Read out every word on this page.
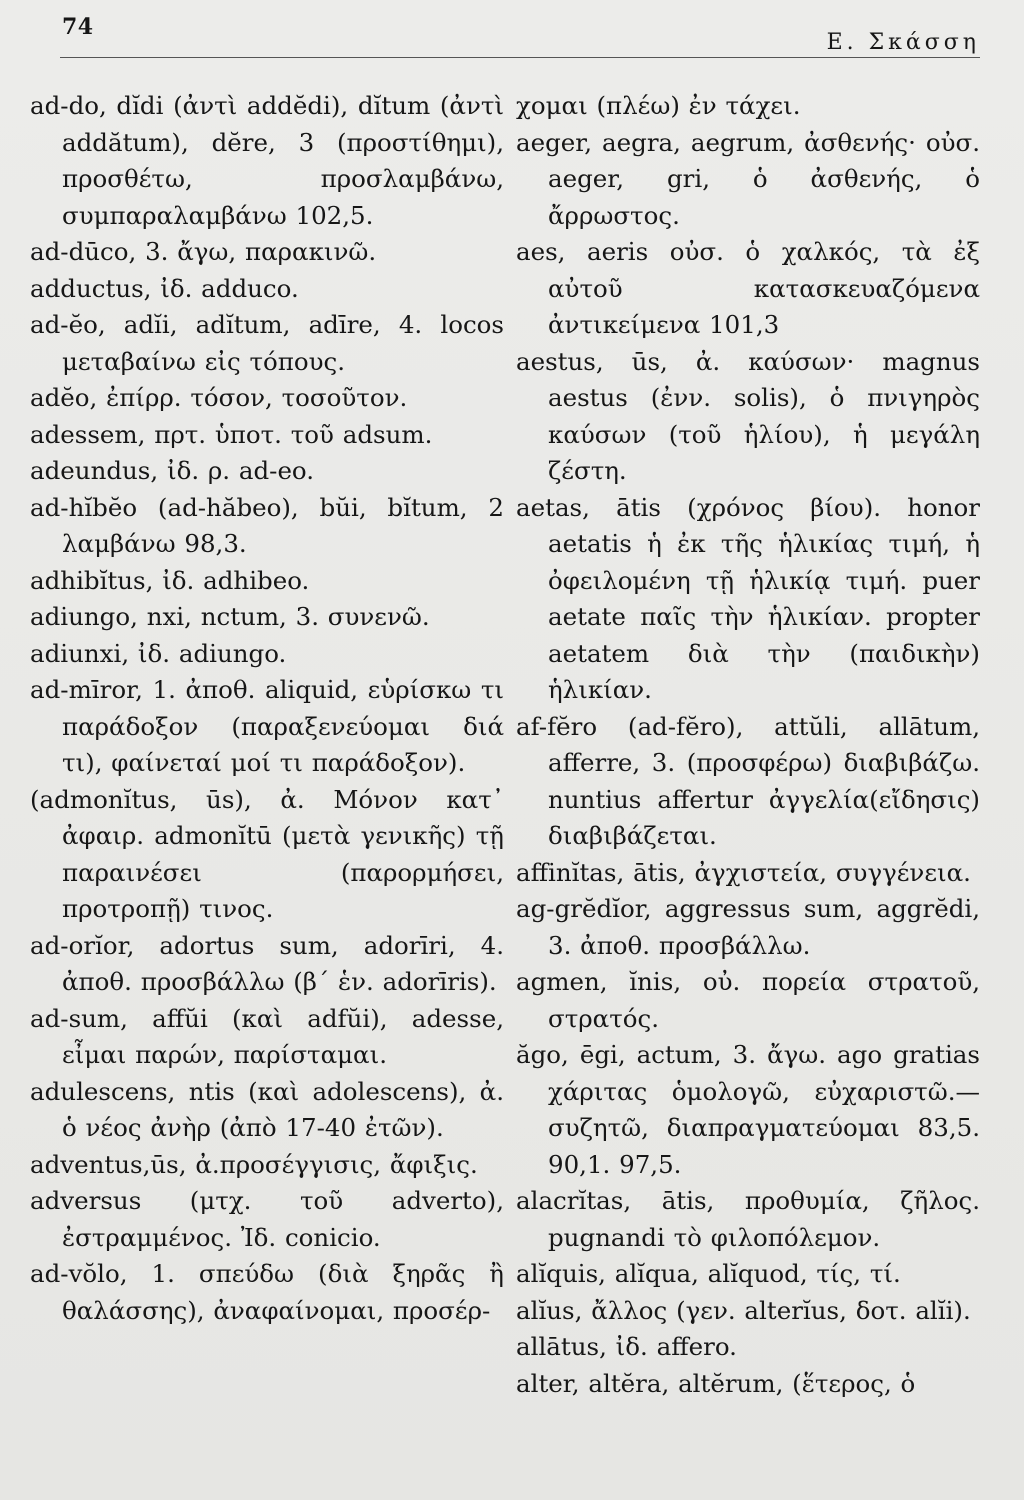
74
Ε. Σκάσση

ad-do, dĭdi (ἀντὶ addĕdi), dĭtum (ἀντὶ addătum), dĕre, 3 (προστίθημι), προσθέτω, προσλαμβάνω, συμπαραλαμβάνω 102,5.

ad-dūco, 3. ἄγω, παρακινῶ.

adductus, ἰδ. adduco.

ad-ĕo, adĭi, adĭtum, adīre, 4. locos μεταβαίνω εἰς τόπους.

adĕo, ἐπίρρ. τόσον, τοσοῦτον.

adessem, πρτ. ὑποτ. τοῦ adsum.

adeundus, ἰδ. ρ. ad-eo.

ad-hĭbĕo (ad-hăbeo), bŭi, bĭtum, 2 λαμβάνω 98,3.

adhibĭtus, ἰδ. adhibeo.

adiungo, nxi, nctum, 3. συνενῶ.

adiunxi, ἰδ. adiungo.

ad-mīror, 1. ἀποθ. aliquid, εὑρίσκω τι παράδοξον (παραξενεύομαι διά τι), φαίνεταί μοί τι παράδοξον).

(admonĭtus, ūs), ἀ. Μόνον κατ᾽ ἀφαιρ. admonĭtū (μετὰ γενικῆς) τῇ παραινέσει (παρορμήσει, προτροπῇ) τινος.

ad-orĭor, adortus sum, adorīri, 4. ἀποθ. προσβάλλω (β΄ ἑν. adorīris).

ad-sum, affŭi (καὶ adfŭi), adesse, εἶμαι παρών, παρίσταμαι.

adulescens, ntis (καὶ adolescens), ἀ. ὁ νέος ἀνὴρ (ἀπὸ 17-40 ἐτῶν).

adventus,ūs, ἀ.προσέγγισις, ἄφιξις.

adversus (μτχ. τοῦ adverto), ἐστραμμένος. Ἰδ. conicio.

ad-vŏlo, 1. σπεύδω (διὰ ξηρᾶς ἢ θαλάσσης), ἀναφαίνομαι, προσέρ-

χομαι (πλέω) ἐν τάχει.

aeger, aegra, aegrum, ἀσθενής· οὐσ. aeger, gri, ὁ ἀσθενής, ὁ ἄρρωστος.

aes, aeris οὐσ. ὁ χαλκός, τὰ ἐξ αὐτοῦ κατασκευαζόμενα ἀντικείμενα 101,3

aestus, ūs, ἀ. καύσων· magnus aestus (ἐνν. solis), ὁ πνιγηρὸς καύσων (τοῦ ἡλίου), ἡ μεγάλη ζέστη.

aetas, ātis (χρόνος βίου). honor aetatis ἡ ἐκ τῆς ἡλικίας τιμή, ἡ ὀφειλομένη τῇ ἡλικίᾳ τιμή. puer aetate παῖς τὴν ἡλικίαν. propter aetatem διὰ τὴν (παιδικὴν) ἡλικίαν.

af-fĕro (ad-fĕro), attŭli, allātum, afferre, 3. (προσφέρω) διαβιβάζω. nuntius affertur ἀγγελία(εἴδησις) διαβιβάζεται.

affinĭtas, ātis, ἀγχιστεία, συγγένεια.

ag-grĕdĭor, aggressus sum, aggrĕdi, 3. ἀποθ. προσβάλλω.

agmen, ĭnis, οὐ. πορεία στρατοῦ, στρατός.

ăgo, ēgi, actum, 3. ἄγω. ago gratias χάριτας ὁμολογῶ, εὐχαριστῶ.—συζητῶ, διαπραγματεύομαι 83,5. 90,1. 97,5.

alacrĭtas, ātis, προθυμία, ζῆλος. pugnandi τὸ φιλοπόλεμον.

alĭquis, alĭqua, alĭquod, τίς, τί.

alĭus, ἄλλος (γεν. alterĭus, δοτ. alĭi).

allātus, ἰδ. affero.

alter, altĕra, altĕrum, (ἕτερος, ὁ
